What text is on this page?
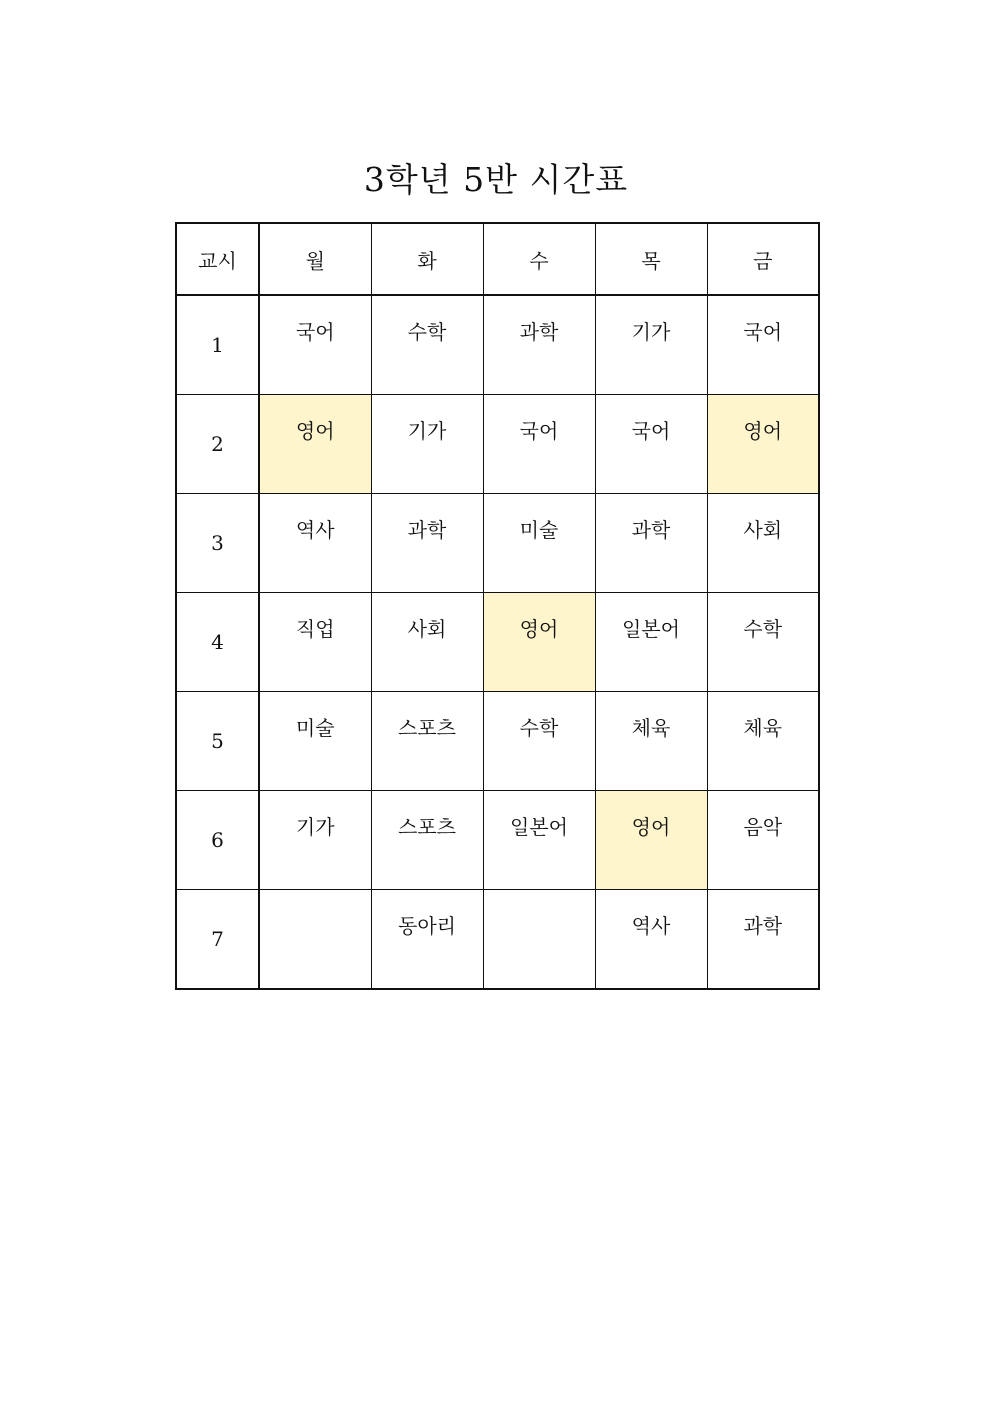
3학년 5반 시간표
교시	월	화	수	목	금
1	국어	수학	과학	기가	국어
2	영어	기가	국어	국어	영어
3	역사	과학	미술	과학	사회
4	직업	사회	영어	일본어	수학
5	미술	스포츠	수학	체육	체육
6	기가	스포츠	일본어	영어	음악
7		동아리		역사	과학
